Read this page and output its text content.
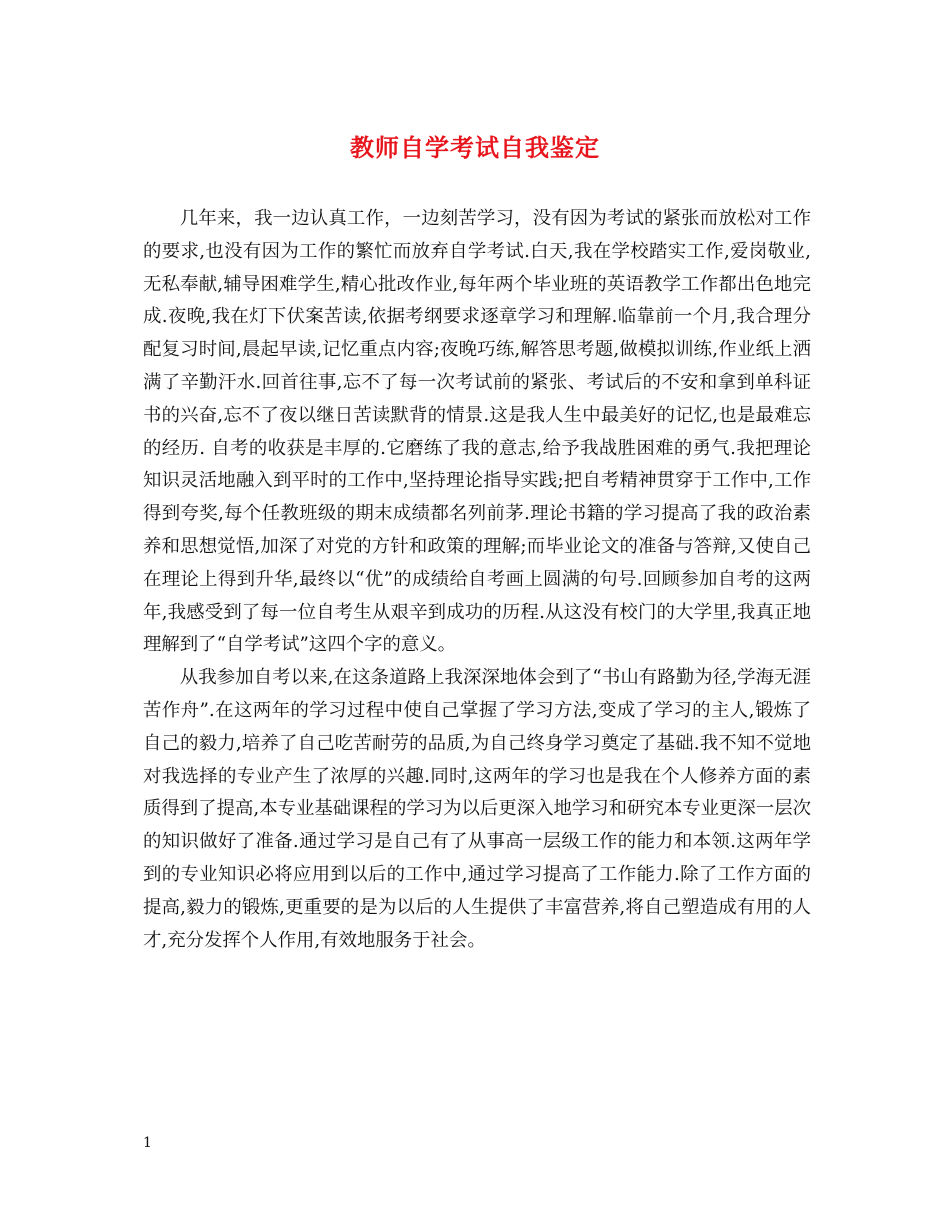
教师自学考试自我鉴定

几年来，我一边认真工作，一边刻苦学习，没有因为考试的紧张而放松对工作的要求,也没有因为工作的繁忙而放弃自学考试.白天,我在学校踏实工作,爱岗敬业,无私奉献,辅导困难学生,精心批改作业,每年两个毕业班的英语教学工作都出色地完成.夜晚,我在灯下伏案苦读,依据考纲要求逐章学习和理解.临靠前一个月,我合理分配复习时间,晨起早读,记忆重点内容;夜晚巧练,解答思考题,做模拟训练,作业纸上洒满了辛勤汗水.回首往事,忘不了每一次考试前的紧张、考试后的不安和拿到单科证书的兴奋,忘不了夜以继日苦读默背的情景.这是我人生中最美好的记忆,也是最难忘的经历. 自考的收获是丰厚的.它磨练了我的意志,给予我战胜困难的勇气.我把理论知识灵活地融入到平时的工作中,坚持理论指导实践;把自考精神贯穿于工作中,工作得到夸奖,每个任教班级的期末成绩都名列前茅.理论书籍的学习提高了我的政治素养和思想觉悟,加深了对党的方针和政策的理解;而毕业论文的准备与答辩,又使自己在理论上得到升华,最终以“优”的成绩给自考画上圆满的句号.回顾参加自考的这两年,我感受到了每一位自考生从艰辛到成功的历程.从这没有校门的大学里,我真正地理解到了“自学考试”这四个字的意义。

从我参加自考以来,在这条道路上我深深地体会到了“书山有路勤为径,学海无涯苦作舟”.在这两年的学习过程中使自己掌握了学习方法,变成了学习的主人,锻炼了自己的毅力,培养了自己吃苦耐劳的品质,为自己终身学习奠定了基础.我不知不觉地对我选择的专业产生了浓厚的兴趣.同时,这两年的学习也是我在个人修养方面的素质得到了提高,本专业基础课程的学习为以后更深入地学习和研究本专业更深一层次的知识做好了准备.通过学习是自己有了从事高一层级工作的能力和本领.这两年学到的专业知识必将应用到以后的工作中,通过学习提高了工作能力.除了工作方面的提高,毅力的锻炼,更重要的是为以后的人生提供了丰富营养,将自己塑造成有用的人才,充分发挥个人作用,有效地服务于社会。

1
